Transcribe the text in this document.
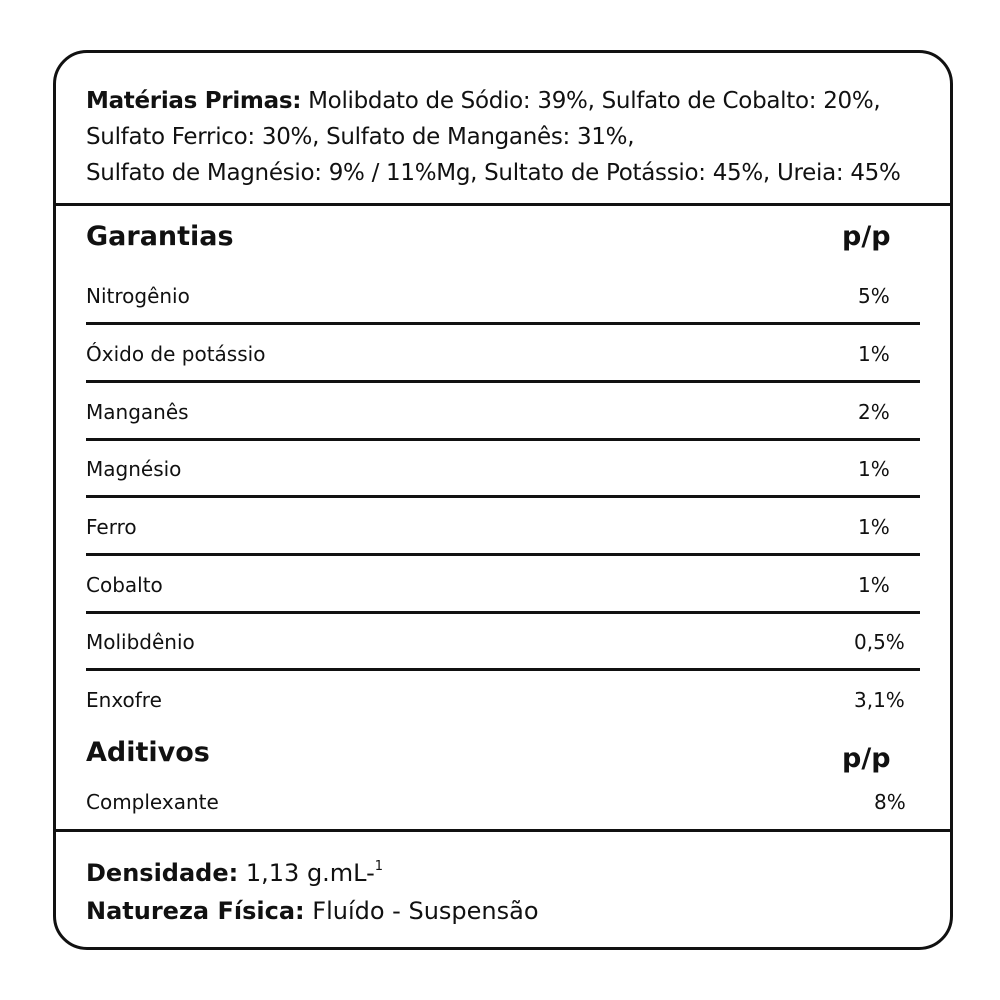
Matérias Primas: Molibdato de Sódio: 39%, Sulfato de Cobalto: 20%,
Sulfato Ferrico: 30%, Sulfato de Manganês: 31%,
Sulfato de Magnésio: 9% / 11%Mg, Sultato de Potássio: 45%, Ureia: 45%
Garantias	p/p
Nitrogênio	5%
Óxido de potássio	1%
Manganês	2%
Magnésio	1%
Ferro	1%
Cobalto	1%
Molibdênio	0,5%
Enxofre	3,1%
Aditivos	p/p
Complexante	8%
Densidade: 1,13 g.mL-$^1$
Natureza Física: Fluído - Suspensão
